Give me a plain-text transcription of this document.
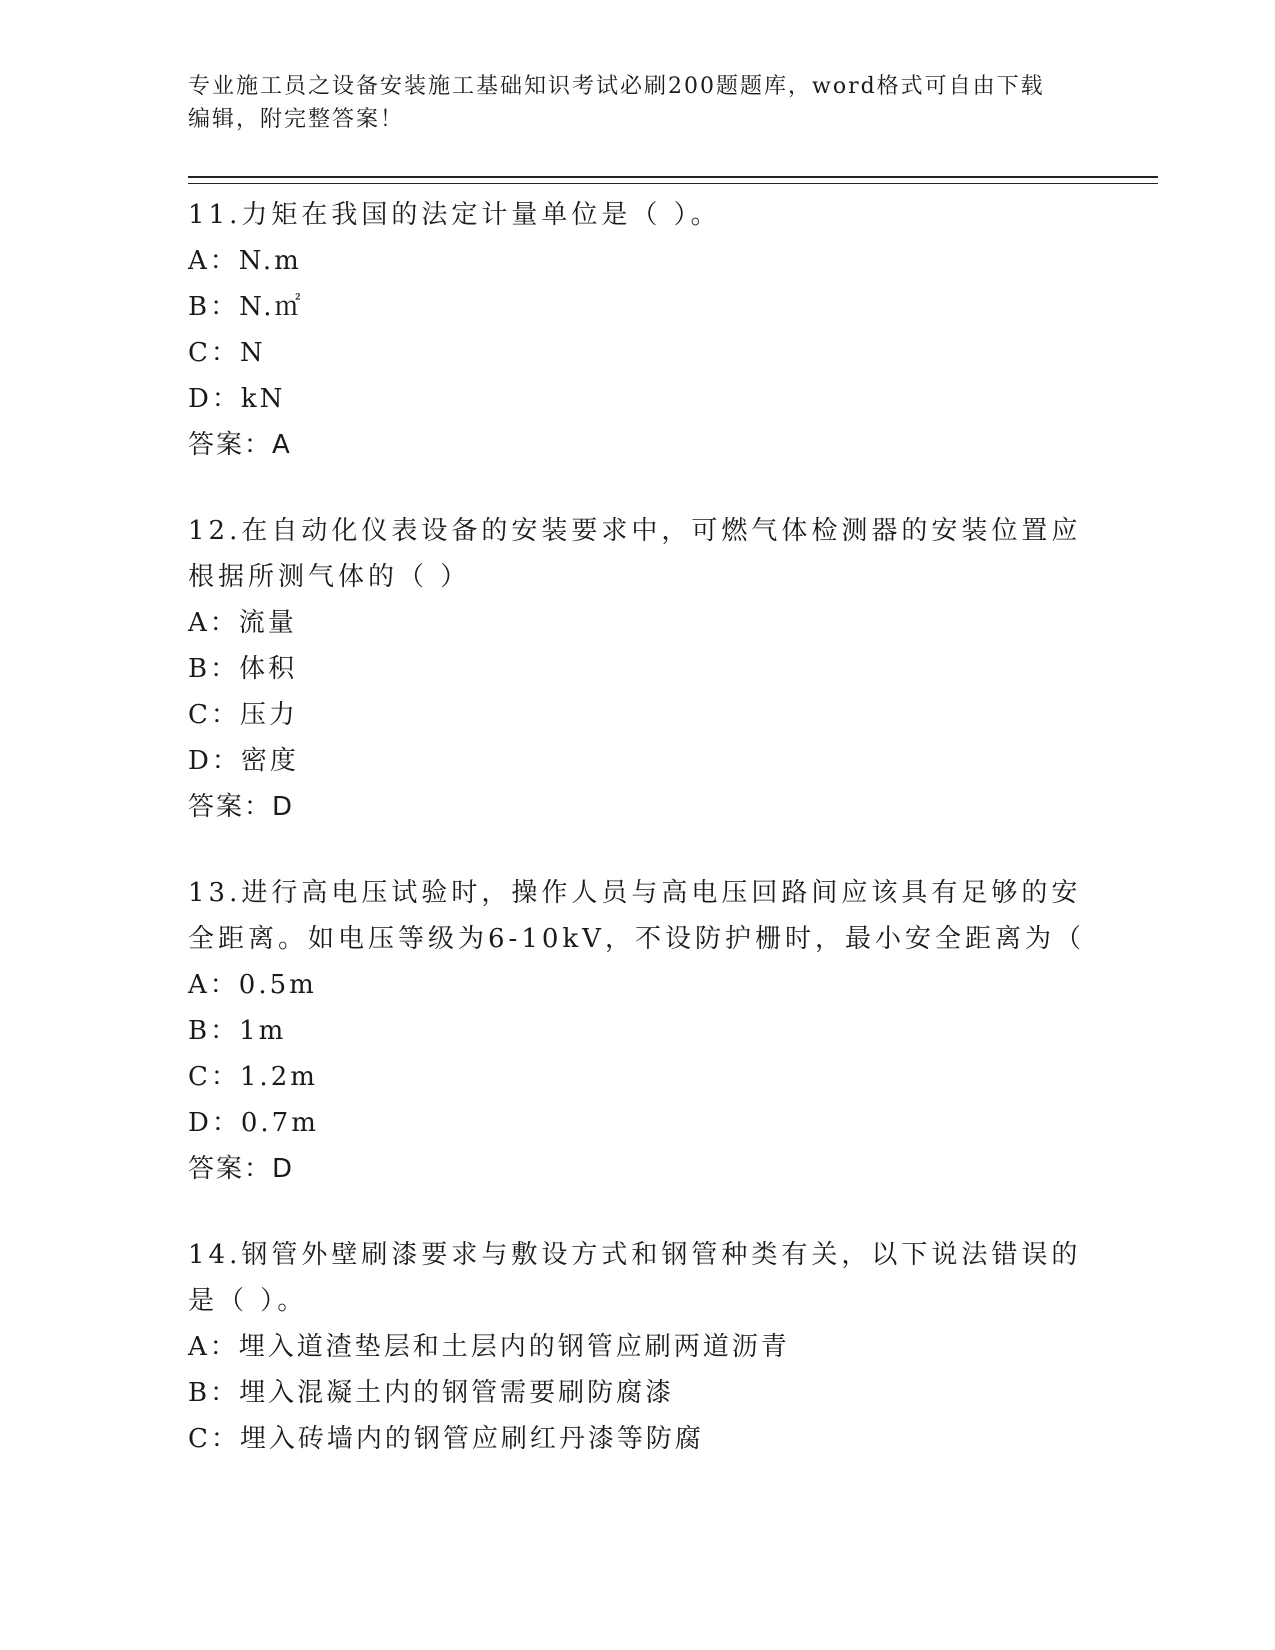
专业施工员之设备安装施工基础知识考试必刷200题题库，word格式可自由下载编辑，附完整答案！

11.力矩在我国的法定计量单位是（ ）。

A：N.m

B：N.㎡

C：N

D：kN

答案：A

12.在自动化仪表设备的安装要求中，可燃气体检测器的安装位置应根据所测气体的（ ）

A：流量

B：体积

C：压力

D：密度

答案：D

13.进行高电压试验时，操作人员与高电压回路间应该具有足够的安全距离。如电压等级为6-10kV，不设防护栅时，最小安全距离为（

A：0.5m

B：1m

C：1.2m

D：0.7m

答案：D

14.钢管外壁刷漆要求与敷设方式和钢管种类有关，以下说法错误的是（ ）。

A：埋入道渣垫层和土层内的钢管应刷两道沥青

B：埋入混凝土内的钢管需要刷防腐漆

C：埋入砖墙内的钢管应刷红丹漆等防腐
